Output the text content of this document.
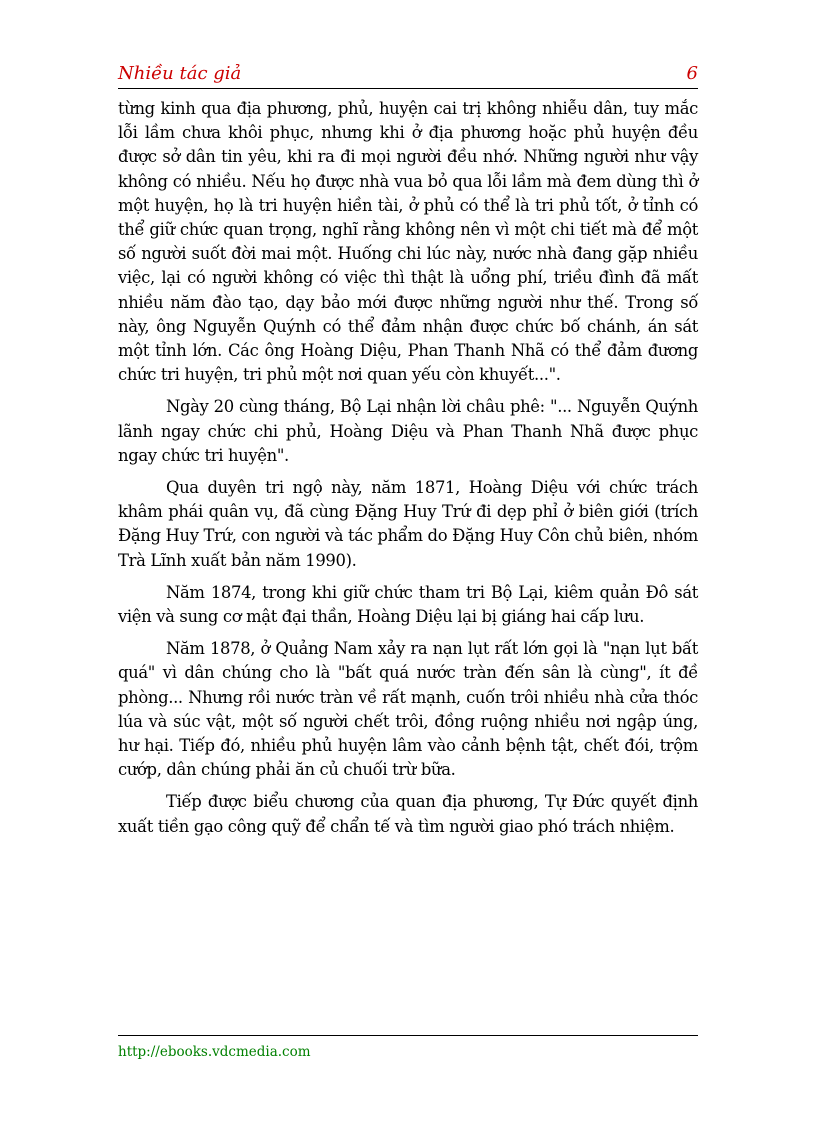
Nhiều tác giả	6

từng kinh qua địa phương, phủ, huyện cai trị không nhiễu dân, tuy mắc lỗi lầm chưa khôi phục, nhưng khi ở địa phương hoặc phủ huyện đều được sở dân tin yêu, khi ra đi mọi người đều nhớ. Những người như vậy không có nhiều. Nếu họ được nhà vua bỏ qua lỗi lầm mà đem dùng thì ở một huyện, họ là tri huyện hiền tài, ở phủ có thể là tri phủ tốt, ở tỉnh có thể giữ chức quan trọng, nghĩ rằng không nên vì một chi tiết mà để một số người suốt đời mai một. Huống chi lúc này, nước nhà đang gặp nhiều việc, lại có người không có việc thì thật là uổng phí, triều đình đã mất nhiều năm đào tạo, dạy bảo mới được những người như thế. Trong số này, ông Nguyễn Quýnh có thể đảm nhận được chức bố chánh, án sát một tỉnh lớn. Các ông Hoàng Diệu, Phan Thanh Nhã có thể đảm đương chức tri huyện, tri phủ một nơi quan yếu còn khuyết...".

Ngày 20 cùng tháng, Bộ Lại nhận lời châu phê: "... Nguyễn Quýnh lãnh ngay chức chi phủ, Hoàng Diệu và Phan Thanh Nhã được phục ngay chức tri huyện".

Qua duyên tri ngộ này, năm 1871, Hoàng Diệu với chức trách khâm phái quân vụ, đã cùng Đặng Huy Trứ đi dẹp phỉ ở biên giới (trích Đặng Huy Trứ, con người và tác phẩm do Đặng Huy Côn chủ biên, nhóm Trà Lĩnh xuất bản năm 1990).

Năm 1874, trong khi giữ chức tham tri Bộ Lại, kiêm quản Đô sát viện và sung cơ mật đại thần, Hoàng Diệu lại bị giáng hai cấp lưu.

Năm 1878, ở Quảng Nam xảy ra nạn lụt rất lớn gọi là "nạn lụt bất quá" vì dân chúng cho là "bất quá nước tràn đến sân là cùng", ít đề phòng... Nhưng rồi nước tràn về rất mạnh, cuốn trôi nhiều nhà cửa thóc lúa và súc vật, một số người chết trôi, đồng ruộng nhiều nơi ngập úng, hư hại. Tiếp đó, nhiều phủ huyện lâm vào cảnh bệnh tật, chết đói, trộm cướp, dân chúng phải ăn củ chuối trừ bữa.

Tiếp được biểu chương của quan địa phương, Tự Đức quyết định xuất tiền gạo công quỹ để chẩn tế và tìm người giao phó trách nhiệm.

http://ebooks.vdcmedia.com
